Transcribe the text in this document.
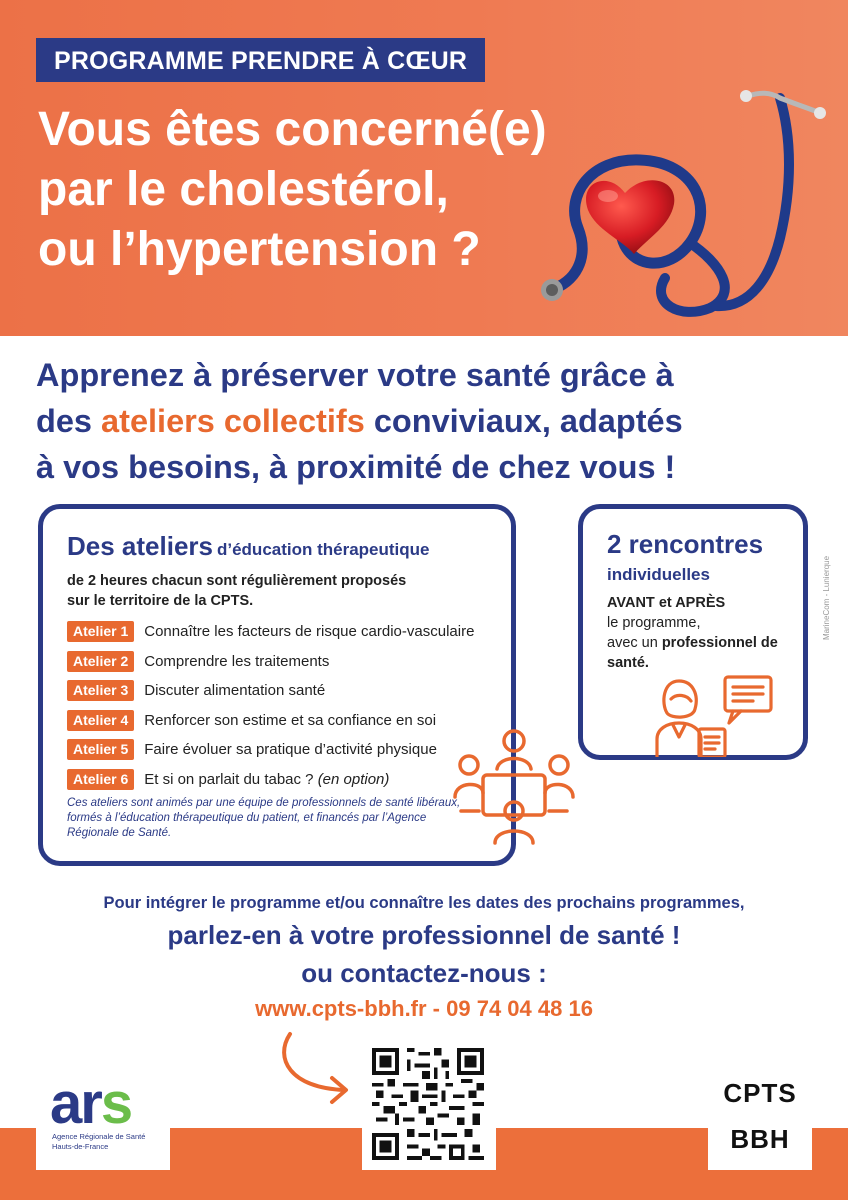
PROGRAMME PRENDRE À CŒUR
Vous êtes concerné(e)
par le cholestérol,
ou l’hypertension ?
Apprenez à préserver votre santé grâce à
des ateliers collectifs conviviaux, adaptés
à vos besoins, à proximité de chez vous !
Des ateliers d’éducation thérapeutique

de 2 heures chacun sont régulièrement proposés sur le territoire de la CPTS.

Atelier 1	Connaître les facteurs de risque cardio-vasculaire
Atelier 2	Comprendre les traitements
Atelier 3	Discuter alimentation santé
Atelier 4	Renforcer son estime et sa confiance en soi
Atelier 5	Faire évoluer sa pratique d’activité physique
Atelier 6	Et si on parlait du tabac ? (en option)

Ces ateliers sont animés par une équipe de professionnels de santé libéraux, formés à l’éducation thérapeutique du patient, et financés par l’Agence Régionale de Santé.

2 rencontres
individuelles

AVANT et APRÈS
le programme,
avec un professionnel de santé.

MarineCom - Lunierque
Pour intégrer le programme et/ou connaître les dates des prochains programmes,
parlez-en à votre professionnel de santé !
ou contactez-nous :
www.cpts-bbh.fr - 09 74 04 48 16
ars
Agence Régionale de Santé
Hauts-de-France
CPTS
BBH
